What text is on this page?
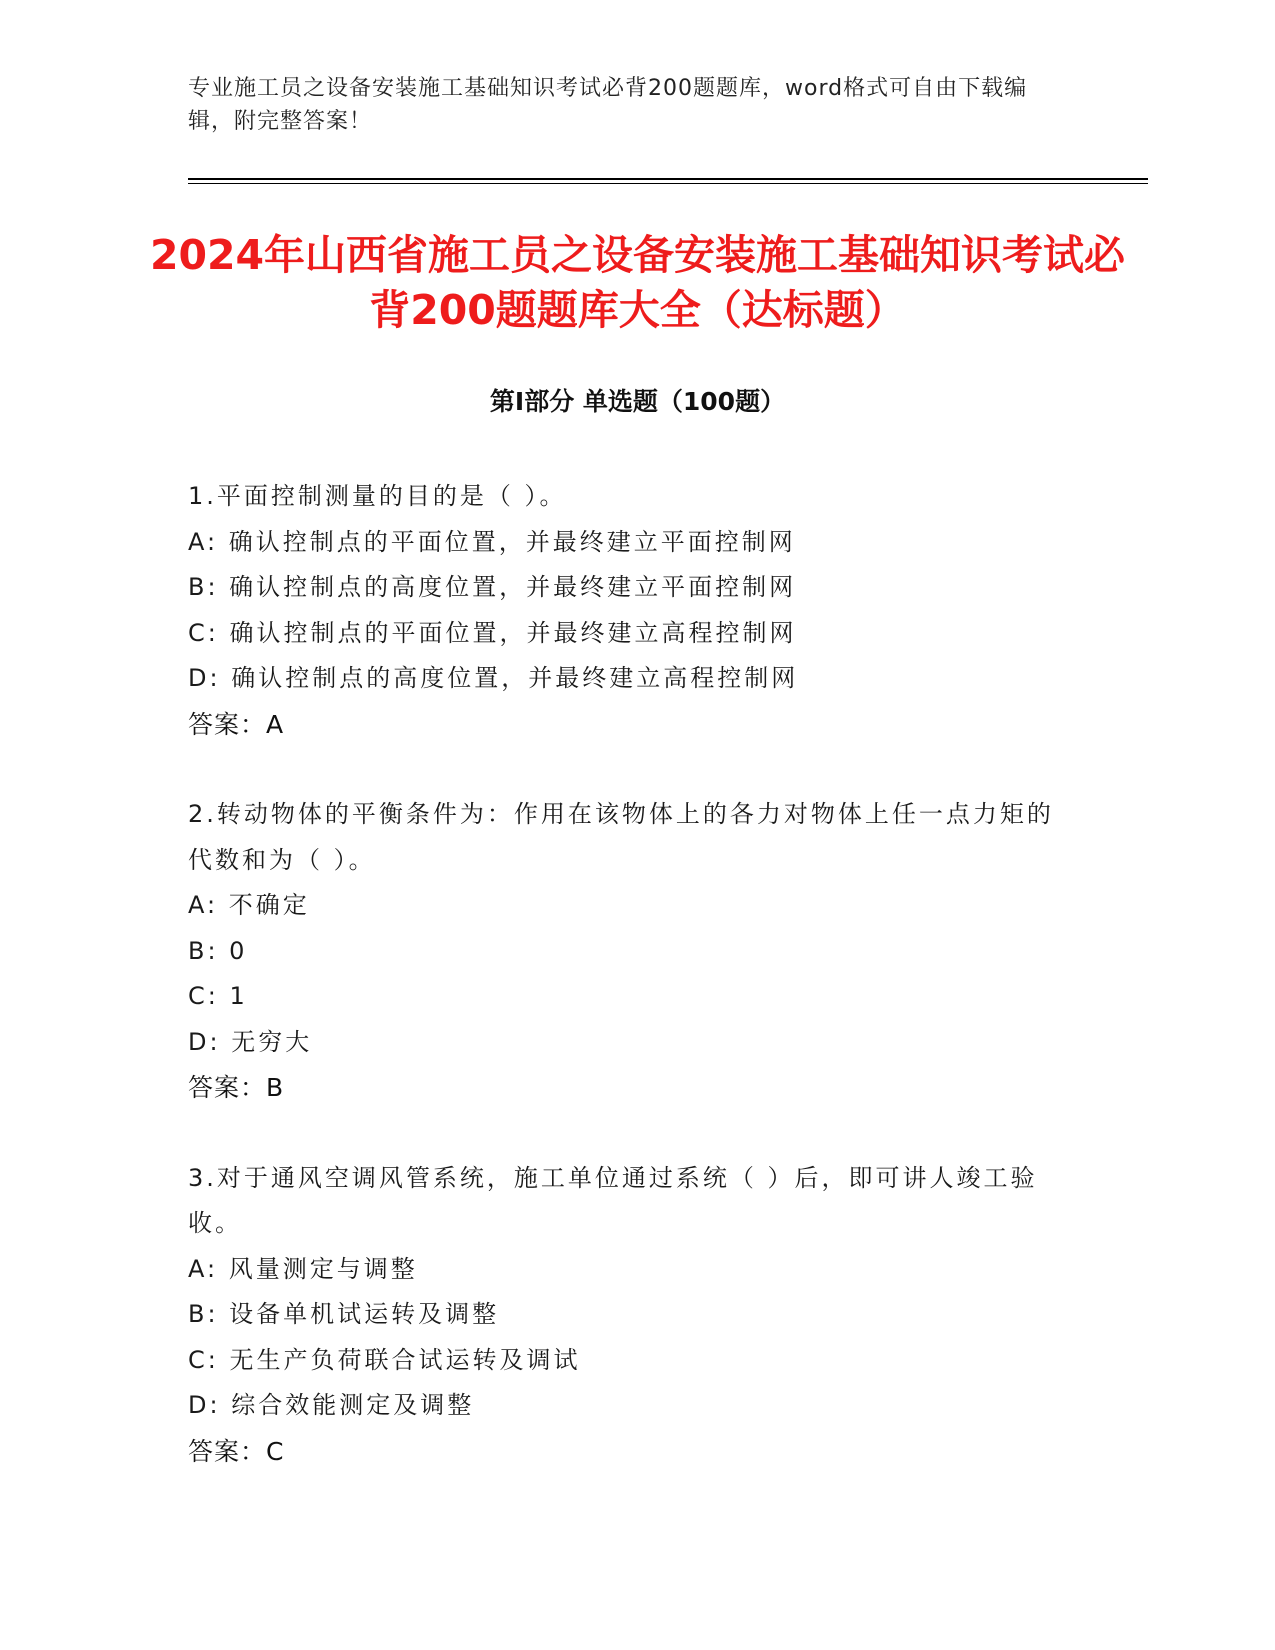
专业施工员之设备安装施工基础知识考试必背200题题库，word格式可自由下载编辑，附完整答案！
2024年山西省施工员之设备安装施工基础知识考试必背200题题库大全（达标题）
第Ⅰ部分 单选题（100题）
1.平面控制测量的目的是（ ）。
A: 确认控制点的平面位置，并最终建立平面控制网
B: 确认控制点的高度位置，并最终建立平面控制网
C: 确认控制点的平面位置，并最终建立高程控制网
D: 确认控制点的高度位置，并最终建立高程控制网
答案：A
2.转动物体的平衡条件为：作用在该物体上的各力对物体上任一点力矩的代数和为（ ）。
A: 不确定
B: 0
C: 1
D: 无穷大
答案：B
3.对于通风空调风管系统，施工单位通过系统（ ）后，即可讲人竣工验收。
A: 风量测定与调整
B: 设备单机试运转及调整
C: 无生产负荷联合试运转及调试
D: 综合效能测定及调整
答案：C
